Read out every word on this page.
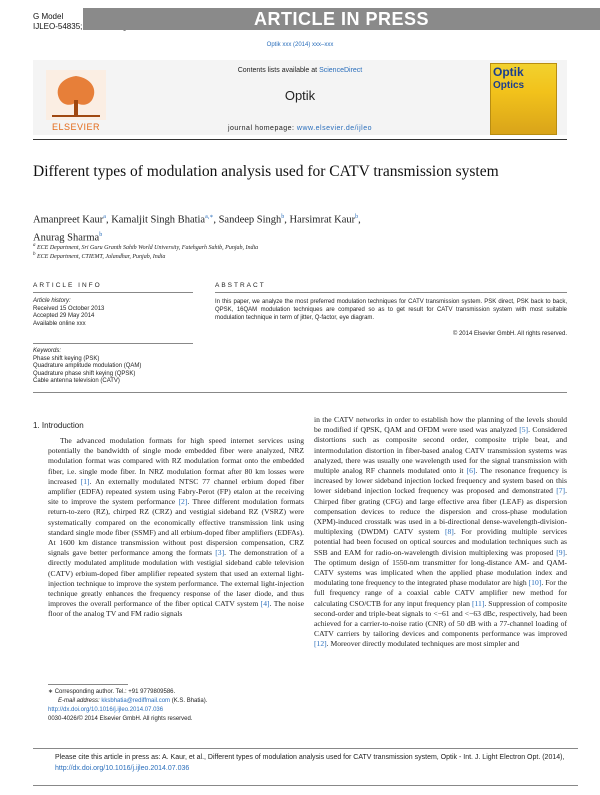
G Model
IJLEO-54835;	ARTICLE IN PRESS
Optik xxx (2014) xxx–xxx
ELSEVIER
Contents lists available at ScienceDirect
Optik
journal homepage: www.elsevier.de/ijleo
Optik
Optics
Different types of modulation analysis used for CATV transmission system
Amanpreet Kaur$^a$, Kamaljit Singh Bhatia$^{a,∗}$, Sandeep Singh$^b$, Harsimrat Kaur$^b$,
Anurag Sharma$^b$
$^a$ ECE Department, Sri Guru Granth Sahib World University, Fatehgarh Sahib, Punjab, India
$^b$ ECE Department, CTIEMT, Jalandhar, Punjab, India
ARTICLE INFO
Article history:
Received 15 October 2013
Accepted 29 May 2014
Available online xxx
Keywords:
Phase shift keying (PSK)
Quadrature amplitude modulation (QAM)
Quadrature phase shift keying (QPSK)
Cable antenna television (CATV)
ABSTRACT
In this paper, we analyze the most preferred modulation techniques for CATV transmission system. PSK direct, PSK back to back, QPSK, 16QAM modulation techniques are compared so as to get result for CATV transmission system with most suitable modulation technique in term of jitter, Q-factor, eye diagram.
© 2014 Elsevier GmbH. All rights reserved.
1. Introduction

The advanced modulation formats for high speed internet services using potentially the bandwidth of single mode embedded fiber were analyzed, NRZ modulation format was compared with RZ modulation format onto the embedded fiber, i.e. single mode fiber. In NRZ modulation format after 80 km losses were increased [1]. An externally modulated NTSC 77 channel erbium doped fiber amplifier (EDFA) repeated system using Fabry-Perot (FP) etalon at the receiving site to improve the system performance [2]. Three different modulation formats return-to-zero (RZ), chirped RZ (CRZ) and vestigial sideband RZ (VSRZ) were systematically compared on the economically effective transmission link using standard single mode fiber (SSMF) and all erbium-doped fiber amplifiers (EDFAs). At 1600 km distance transmission without post dispersion compensation, CRZ signals gave better performance among the formats [3]. The demonstration of a directly modulated amplitude modulation with vestigial sideband cable television (CATV) erbium-doped fiber amplifier repeated system that used an external light-injection technique to improve the system performance. The external light-injection technique greatly enhances the frequency response of the laser diode, and thus improves the overall performance of the fiber optical CATV system [4]. The noise floor of the analog TV and FM radio signals

in the CATV networks in order to establish how the planning of the levels should be modified if QPSK, QAM and OFDM were used was analyzed [5]. Considered distortions such as composite second order, composite triple beat, and intermodulation distortion in fiber-based analog CATV transmission systems was analyzed, there was usually one wavelength used for the signal transmission with multiple analog RF channels modulated onto it [6]. The resonance frequency is increased by lower sideband injection locked frequency and system based on this lower sideband injection locked frequency was proposed and demonstrated [7]. Chirped fiber grating (CFG) and large effective area fiber (LEAF) as dispersion compensation devices to reduce the dispersion and cross-phase modulation (XPM)-induced crosstalk was used in a bi-directional dense-wavelength-division-multiplexing (DWDM) CATV system [8]. For providing multiple services potential had been focused on optical sources and modulation techniques such as SSB and EAM for radio-on-wavelength division multiplexing was proposed [9]. The optimum design of 1550-nm transmitter for long-distance AM- and QAM-CATV systems was implicated when the applied phase modulation index and modulating tone frequency to the integrated phase modulator are high [10]. For the full frequency range of a coaxial cable CATV amplifier new method for calculating CSO/CTB for any input frequency plan [11]. Suppression of composite second-order and triple-beat signals to <−61 and <−63 dBc, respectively, had been achieved for a carrier-to-noise ratio (CNR) of 50 dB with a 77-channel loading of CATV carriers by tailoring devices and components performance was improved [12]. Moreover directly modulated techniques are most simpler and

∗ Corresponding author. Tel.: +91 9779809586.
E-mail address: kksbhatia@rediffmail.com (K.S. Bhatia).
http://dx.doi.org/10.1016/j.ijleo.2014.07.036
0030-4026/© 2014 Elsevier GmbH. All rights reserved.
Please cite this article in press as: A. Kaur, et al., Different types of modulation analysis used for CATV transmission system, Optik - Int. J. Light Electron Opt. (2014), http://dx.doi.org/10.1016/j.ijleo.2014.07.036
